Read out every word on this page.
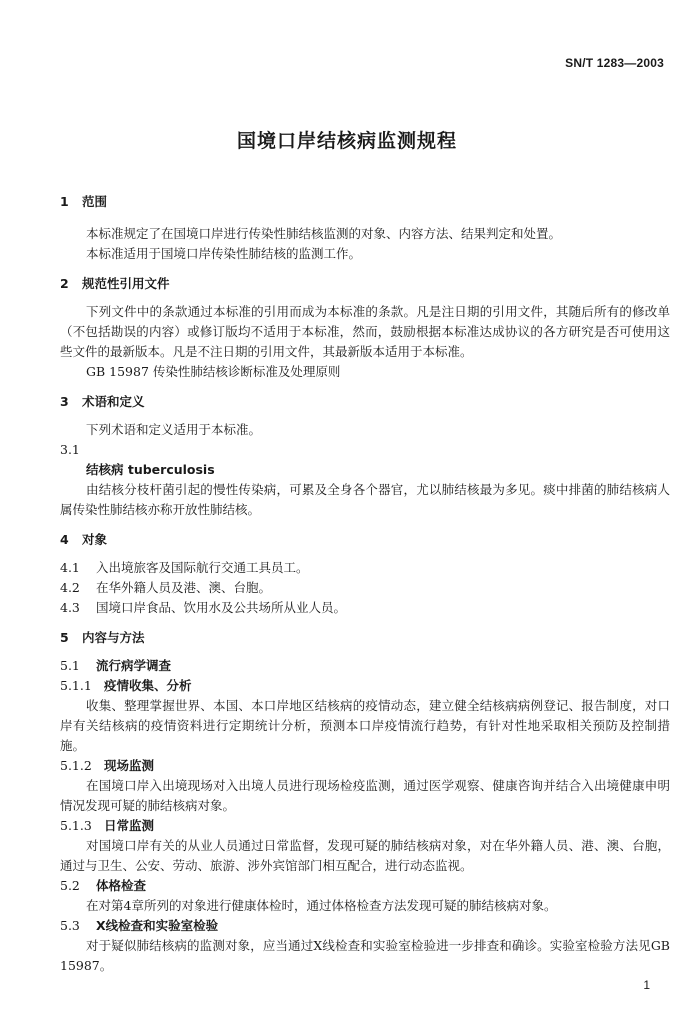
SN/T 1283—2003
国境口岸结核病监测规程
1 范围

本标准规定了在国境口岸进行传染性肺结核监测的对象、内容方法、结果判定和处置。

本标准适用于国境口岸传染性肺结核的监测工作。

2 规范性引用文件

下列文件中的条款通过本标准的引用而成为本标准的条款。凡是注日期的引用文件，其随后所有的修改单（不包括勘误的内容）或修订版均不适用于本标准，然而，鼓励根据本标准达成协议的各方研究是否可使用这些文件的最新版本。凡是不注日期的引用文件，其最新版本适用于本标准。

GB 15987 传染性肺结核诊断标准及处理原则

3 术语和定义

下列术语和定义适用于本标准。

3.1

结核病 tuberculosis

由结核分枝杆菌引起的慢性传染病，可累及全身各个器官，尤以肺结核最为多见。痰中排菌的肺结核病人属传染性肺结核亦称开放性肺结核。

4 对象
4.1 入出境旅客及国际航行交通工具员工。
4.2 在华外籍人员及港、澳、台胞。
4.3 国境口岸食品、饮用水及公共场所从业人员。
5 内容与方法
5.1 流行病学调查
5.1.1 疫情收集、分析

收集、整理掌握世界、本国、本口岸地区结核病的疫情动态，建立健全结核病病例登记、报告制度，对口岸有关结核病的疫情资料进行定期统计分析，预测本口岸疫情流行趋势，有针对性地采取相关预防及控制措施。

5.1.2 现场监测

在国境口岸入出境现场对入出境人员进行现场检疫监测，通过医学观察、健康咨询并结合入出境健康申明情况发现可疑的肺结核病对象。

5.1.3 日常监测

对国境口岸有关的从业人员通过日常监督，发现可疑的肺结核病对象，对在华外籍人员、港、澳、台胞，通过与卫生、公安、劳动、旅游、涉外宾馆部门相互配合，进行动态监视。

5.2 体格检查

在对第4章所列的对象进行健康体检时，通过体格检查方法发现可疑的肺结核病对象。

5.3 X线检查和实验室检验

对于疑似肺结核病的监测对象，应当通过X线检查和实验室检验进一步排查和确诊。实验室检验方法见GB 15987。

1
